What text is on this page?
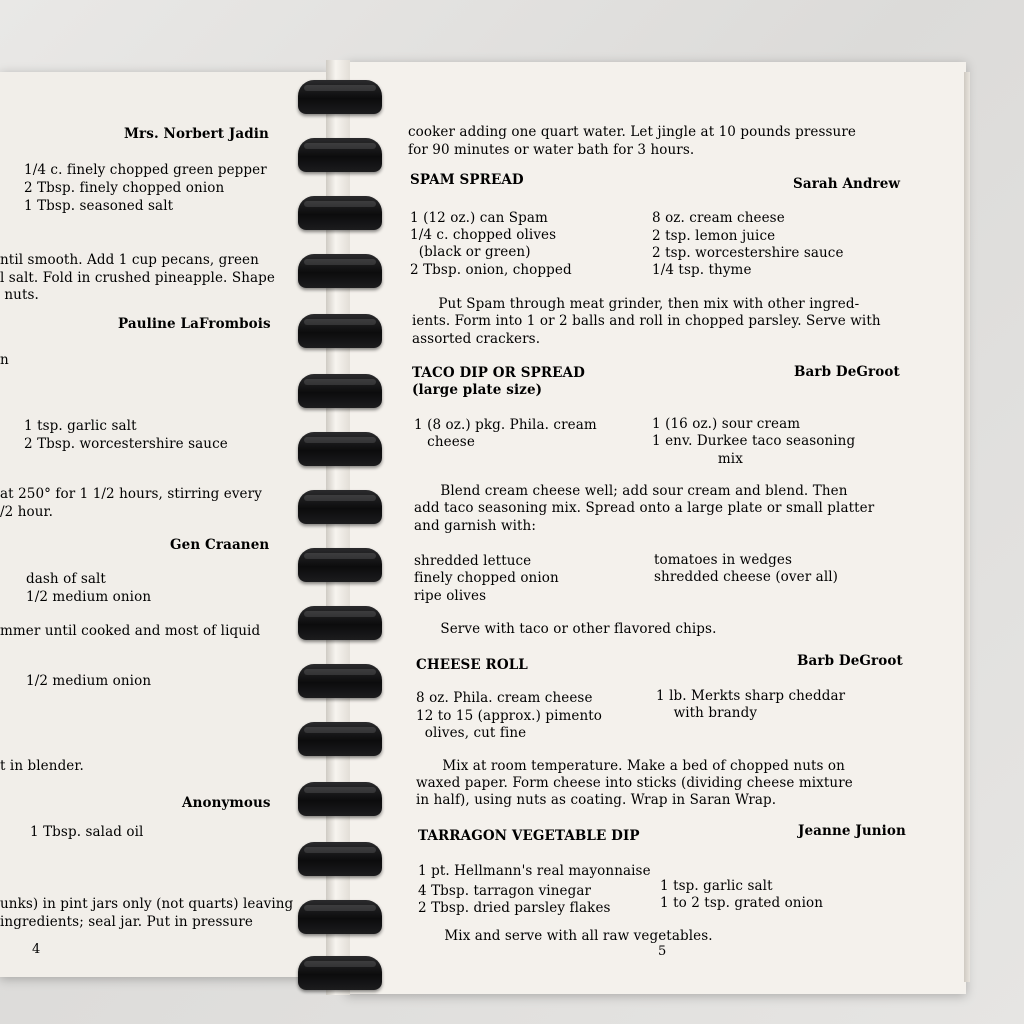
Mrs. Norbert Jadin
1/4 c. finely chopped green pepper
2 Tbsp. finely chopped onion
1 Tbsp. seasoned salt
ntil smooth. Add 1 cup pecans, green
l salt. Fold in crushed pineapple. Shape
nuts.
Pauline LaFrombois
n
1 tsp. garlic salt
2 Tbsp. worcestershire sauce
at 250° for 1 1/2 hours, stirring every
/2 hour.
Gen Craanen
dash of salt
1/2 medium onion
mmer until cooked and most of liquid
1/2 medium onion
t in blender.
Anonymous
1 Tbsp. salad oil
unks) in pint jars only (not quarts) leaving
ingredients; seal jar. Put in pressure
4
cooker adding one quart water. Let jingle at 10 pounds pressure
for 90 minutes or water bath for 3 hours.
SPAM SPREAD	Sarah Andrew
1 (12 oz.) can Spam
1/4 c. chopped olives
(black or green)
2 Tbsp. onion, chopped
8 oz. cream cheese
2 tsp. lemon juice
2 tsp. worcestershire sauce
1/4 tsp. thyme
Put Spam through meat grinder, then mix with other ingred-
ients. Form into 1 or 2 balls and roll in chopped parsley. Serve with
assorted crackers.
TACO DIP OR SPREAD
(large plate size)
Barb DeGroot
1 (8 oz.) pkg. Phila. cream
cheese
1 (16 oz.) sour cream
1 env. Durkee taco seasoning
mix
Blend cream cheese well; add sour cream and blend. Then
add taco seasoning mix. Spread onto a large plate or small platter
and garnish with:
shredded lettuce
finely chopped onion
ripe olives
tomatoes in wedges
shredded cheese (over all)
Serve with taco or other flavored chips.
CHEESE ROLL	Barb DeGroot
8 oz. Phila. cream cheese
12 to 15 (approx.) pimento
olives, cut fine
1 lb. Merkts sharp cheddar
with brandy
Mix at room temperature. Make a bed of chopped nuts on
waxed paper. Form cheese into sticks (dividing cheese mixture
in half), using nuts as coating. Wrap in Saran Wrap.
TARRAGON VEGETABLE DIP	Jeanne Junion
1 pt. Hellmann's real mayonnaise
4 Tbsp. tarragon vinegar
2 Tbsp. dried parsley flakes
1 tsp. garlic salt
1 to 2 tsp. grated onion
Mix and serve with all raw vegetables.
5
